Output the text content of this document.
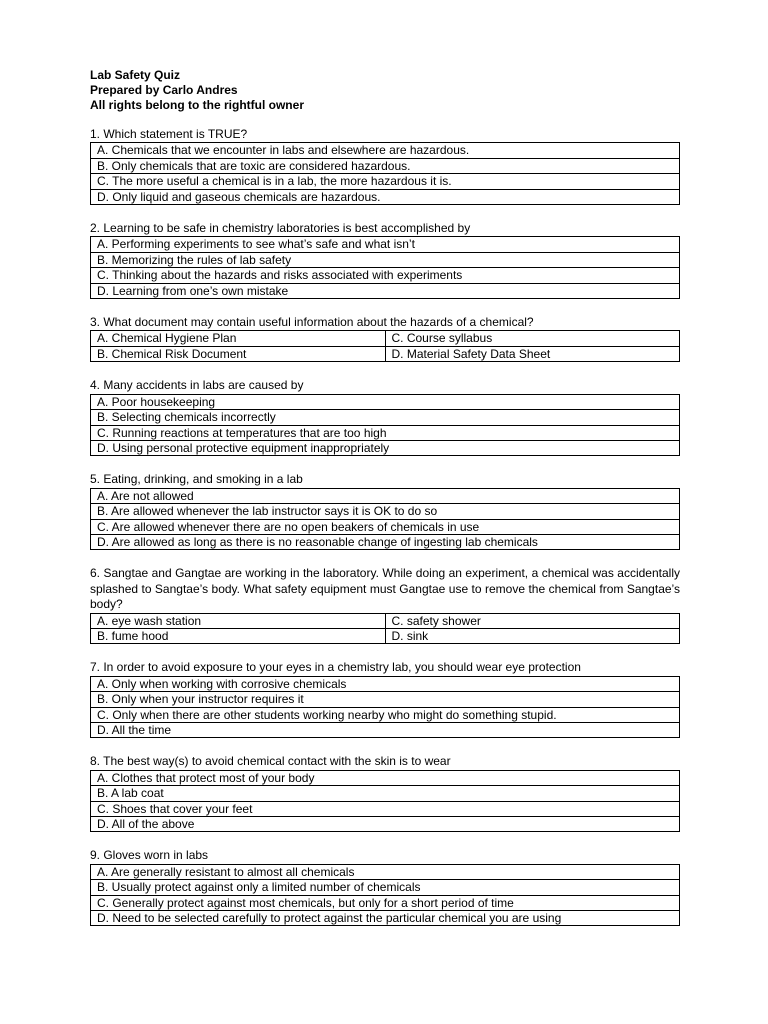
Lab Safety Quiz
Prepared by Carlo Andres
All rights belong to the rightful owner
1. Which statement is TRUE?
A. Chemicals that we encounter in labs and elsewhere are hazardous.
B. Only chemicals that are toxic are considered hazardous.
C. The more useful a chemical is in a lab, the more hazardous it is.
D. Only liquid and gaseous chemicals are hazardous.
2. Learning to be safe in chemistry laboratories is best accomplished by
A. Performing experiments to see what’s safe and what isn’t
B. Memorizing the rules of lab safety
C. Thinking about the hazards and risks associated with experiments
D. Learning from one’s own mistake
3. What document may contain useful information about the hazards of a chemical?
A. Chemical Hygiene Plan	C. Course syllabus
B. Chemical Risk Document	D. Material Safety Data Sheet
4. Many accidents in labs are caused by
A. Poor housekeeping
B. Selecting chemicals incorrectly
C. Running reactions at temperatures that are too high
D. Using personal protective equipment inappropriately
5. Eating, drinking, and smoking in a lab
A. Are not allowed
B. Are allowed whenever the lab instructor says it is OK to do so
C. Are allowed whenever there are no open beakers of chemicals in use
D. Are allowed as long as there is no reasonable change of ingesting lab chemicals
6. Sangtae and Gangtae are working in the laboratory. While doing an experiment, a chemical was accidentally splashed to Sangtae’s body. What safety equipment must Gangtae use to remove the chemical from Sangtae’s body?
A. eye wash station	C. safety shower
B. fume hood	D. sink
7. In order to avoid exposure to your eyes in a chemistry lab, you should wear eye protection
A. Only when working with corrosive chemicals
B. Only when your instructor requires it
C. Only when there are other students working nearby who might do something stupid.
D. All the time
8. The best way(s) to avoid chemical contact with the skin is to wear
A. Clothes that protect most of your body
B. A lab coat
C. Shoes that cover your feet
D. All of the above
9. Gloves worn in labs
A. Are generally resistant to almost all chemicals
B. Usually protect against only a limited number of chemicals
C. Generally protect against most chemicals, but only for a short period of time
D. Need to be selected carefully to protect against the particular chemical you are using
